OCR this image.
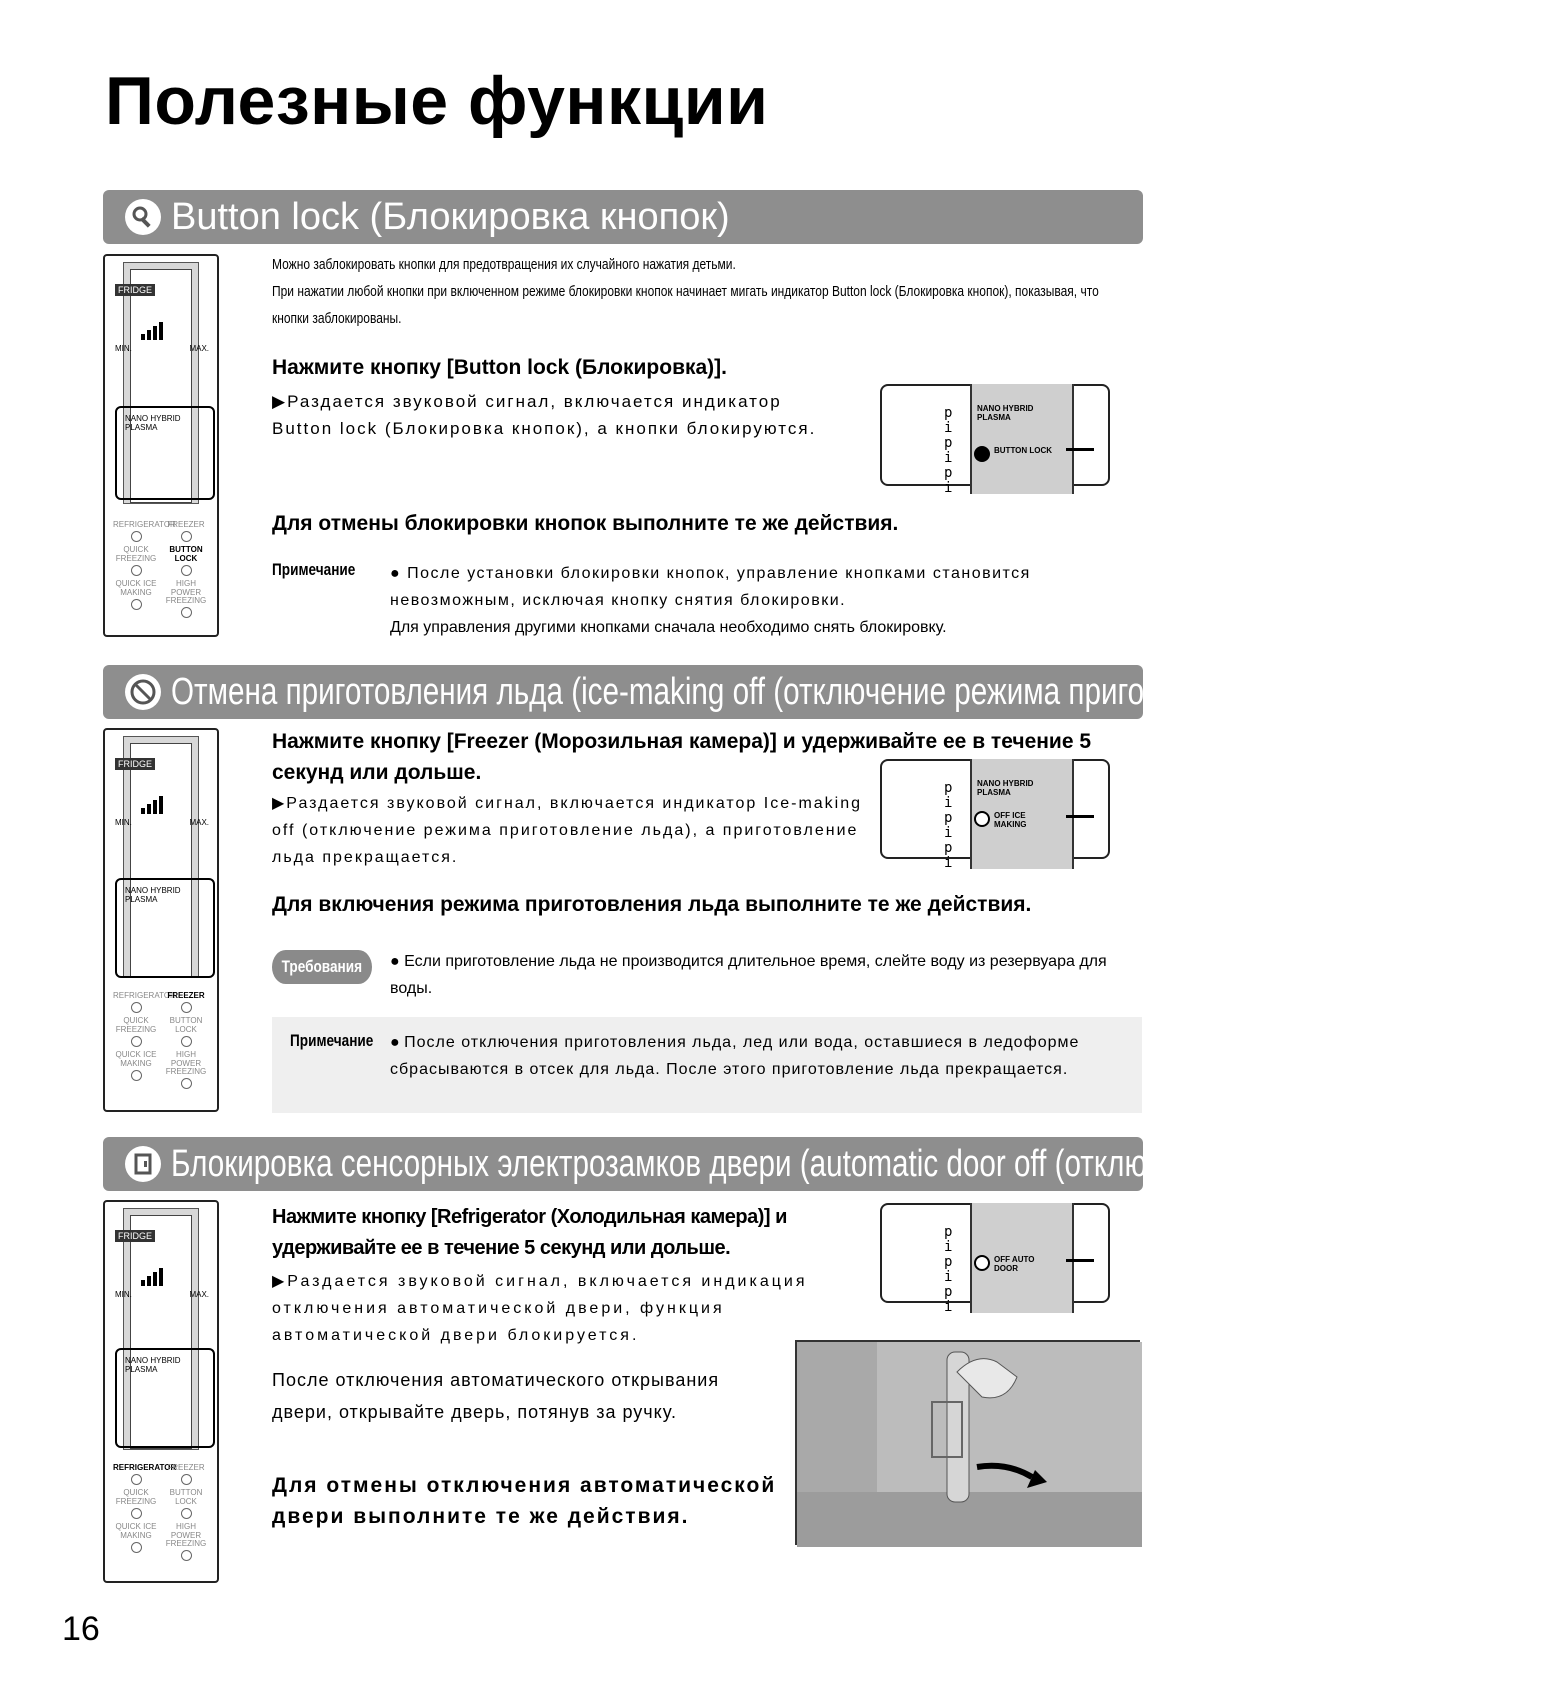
Полезные функции
Button lock (Блокировка кнопок)
FRIDGE
MIN.	MAX.
NANO HYBRID PLASMA
REFRIGERATOR
FREEZER
QUICK FREEZING
BUTTON LOCK
QUICK ICE MAKING
HIGH POWER FREEZING
Можно заблокировать кнопки для предотвращения их случайного нажатия детьми.
При нажатии любой кнопки при включенном режиме блокировки кнопок начинает мигать индикатор Button lock (Блокировка кнопок), показывая, что кнопки заблокированы.
Нажмите кнопку [Button lock (Блокировка)].
▶Раздается звуковой сигнал, включается индикатор Button lock (Блокировка кнопок), а кнопки блокируются.
pi pi pi
NANO HYBRID PLASMA
BUTTON LOCK
Для отмены блокировки кнопок выполните те же действия.
Примечание ● После установки блокировки кнопок, управление кнопками становится невозможным, исключая кнопку снятия блокировки.
Для управления другими кнопками сначала необходимо снять блокировку.
Отмена приготовления льда (ice-making off (отключение режима приготовление льда))
FRIDGE
MIN.	MAX.
NANO HYBRID PLASMA
REFRIGERATOR
FREEZER
QUICK FREEZING
BUTTON LOCK
QUICK ICE MAKING
HIGH POWER FREEZING
Нажмите кнопку [Freezer (Морозильная камера)] и удерживайте ее в течение 5 секунд или дольше.
▶Раздается звуковой сигнал, включается индикатор Ice-making off (отключение режима приготовление льда), а приготовление льда прекращается.
pi pi pi
NANO HYBRID PLASMA
OFF ICE MAKING
Для включения режима приготовления льда выполните те же действия.
Требования	● Если приготовление льда не производится длительное время, слейте воду из резервуара для воды.
Примечание ● После отключения приготовления льда, лед или вода, оставшиеся в ледоформе сбрасываются в отсек для льда. После этого приготовление льда прекращается.
Блокировка сенсорных электрозамков двери (automatic door off (отключение автомотической двери))
FRIDGE
MIN.	MAX.
NANO HYBRID PLASMA
REFRIGERATOR
FREEZER
QUICK FREEZING
BUTTON LOCK
QUICK ICE MAKING
HIGH POWER FREEZING
Нажмите кнопку [Refrigerator (Холодильная камера)] и удерживайте ее в течение 5 секунд или дольше.
▶Раздается звуковой сигнал, включается индикация отключения автоматической двери, функция автоматической двери блокируется.
pi pi pi
OFF AUTO DOOR
После отключения автоматического открывания двери, открывайте дверь, потянув за ручку.
Для отмены отключения автоматической двери выполните те же действия.
16
